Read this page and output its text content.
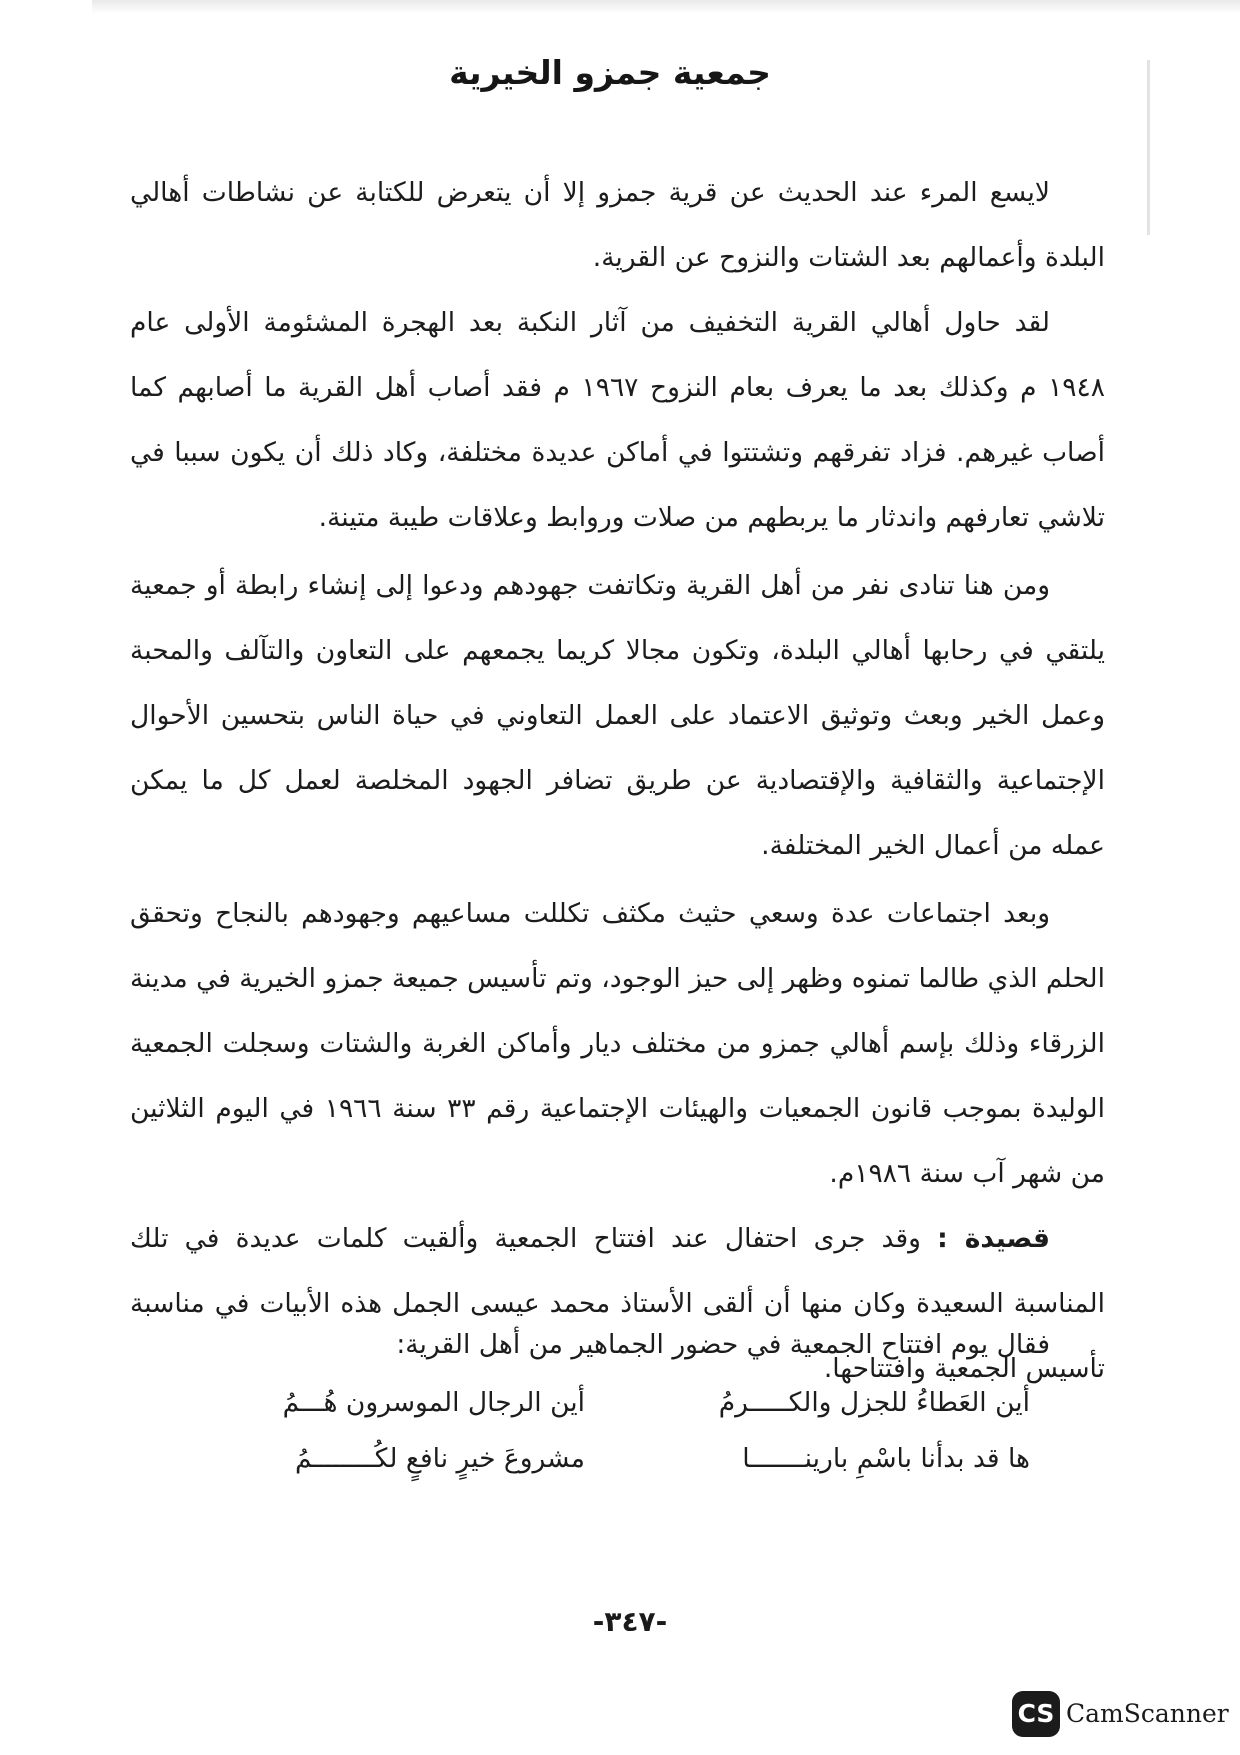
جمعية جمزو الخيرية

لايسع المرء عند الحديث عن قرية جمزو إلا أن يتعرض للكتابة عن نشاطات أهالي البلدة وأعمالهم بعد الشتات والنزوح عن القرية.

لقد حاول أهالي القرية التخفيف من آثار النكبة بعد الهجرة المشئومة الأولى عام ١٩٤٨ م وكذلك بعد ما يعرف بعام النزوح ١٩٦٧ م فقد أصاب أهل القرية ما أصابهم كما أصاب غيرهم. فزاد تفرقهم وتشتتوا في أماكن عديدة مختلفة، وكاد ذلك أن يكون سببا في تلاشي تعارفهم واندثار ما يربطهم من صلات وروابط وعلاقات طيبة متينة.

ومن هنا تنادى نفر من أهل القرية وتكاتفت جهودهم ودعوا إلى إنشاء رابطة أو جمعية يلتقي في رحابها أهالي البلدة، وتكون مجالا كريما يجمعهم على التعاون والتآلف والمحبة وعمل الخير وبعث وتوثيق الاعتماد على العمل التعاوني في حياة الناس بتحسين الأحوال الإجتماعية والثقافية والإقتصادية عن طريق تضافر الجهود المخلصة لعمل كل ما يمكن عمله من أعمال الخير المختلفة.

وبعد اجتماعات عدة وسعي حثيث مكثف تكللت مساعيهم وجهودهم بالنجاح وتحقق الحلم الذي طالما تمنوه وظهر إلى حيز الوجود، وتم تأسيس جميعة جمزو الخيرية في مدينة الزرقاء وذلك بإسم أهالي جمزو من مختلف ديار وأماكن الغربة والشتات وسجلت الجمعية الوليدة بموجب قانون الجمعيات والهيئات الإجتماعية رقم ٣٣ سنة ١٩٦٦ في اليوم الثلاثين من شهر آب سنة ١٩٨٦م.

قصيدة : وقد جرى احتفال عند افتتاح الجمعية وألقيت كلمات عديدة في تلك المناسبة السعيدة وكان منها أن ألقى الأستاذ محمد عيسى الجمل هذه الأبيات في مناسبة تأسيس الجمعية وافتتاحها.

فقال يوم افتتاح الجمعية في حضور الجماهير من أهل القرية:
أين العَطاءُ للجزل والكـــــرمُ
أين الرجال الموسرون هُـــمُ
ها قد بدأنا باسْمِ بارينـــــــا
مشروعَ خيرٍ نافعٍ لكُــــــــمُ
-٣٤٧-
CS CamScanner
